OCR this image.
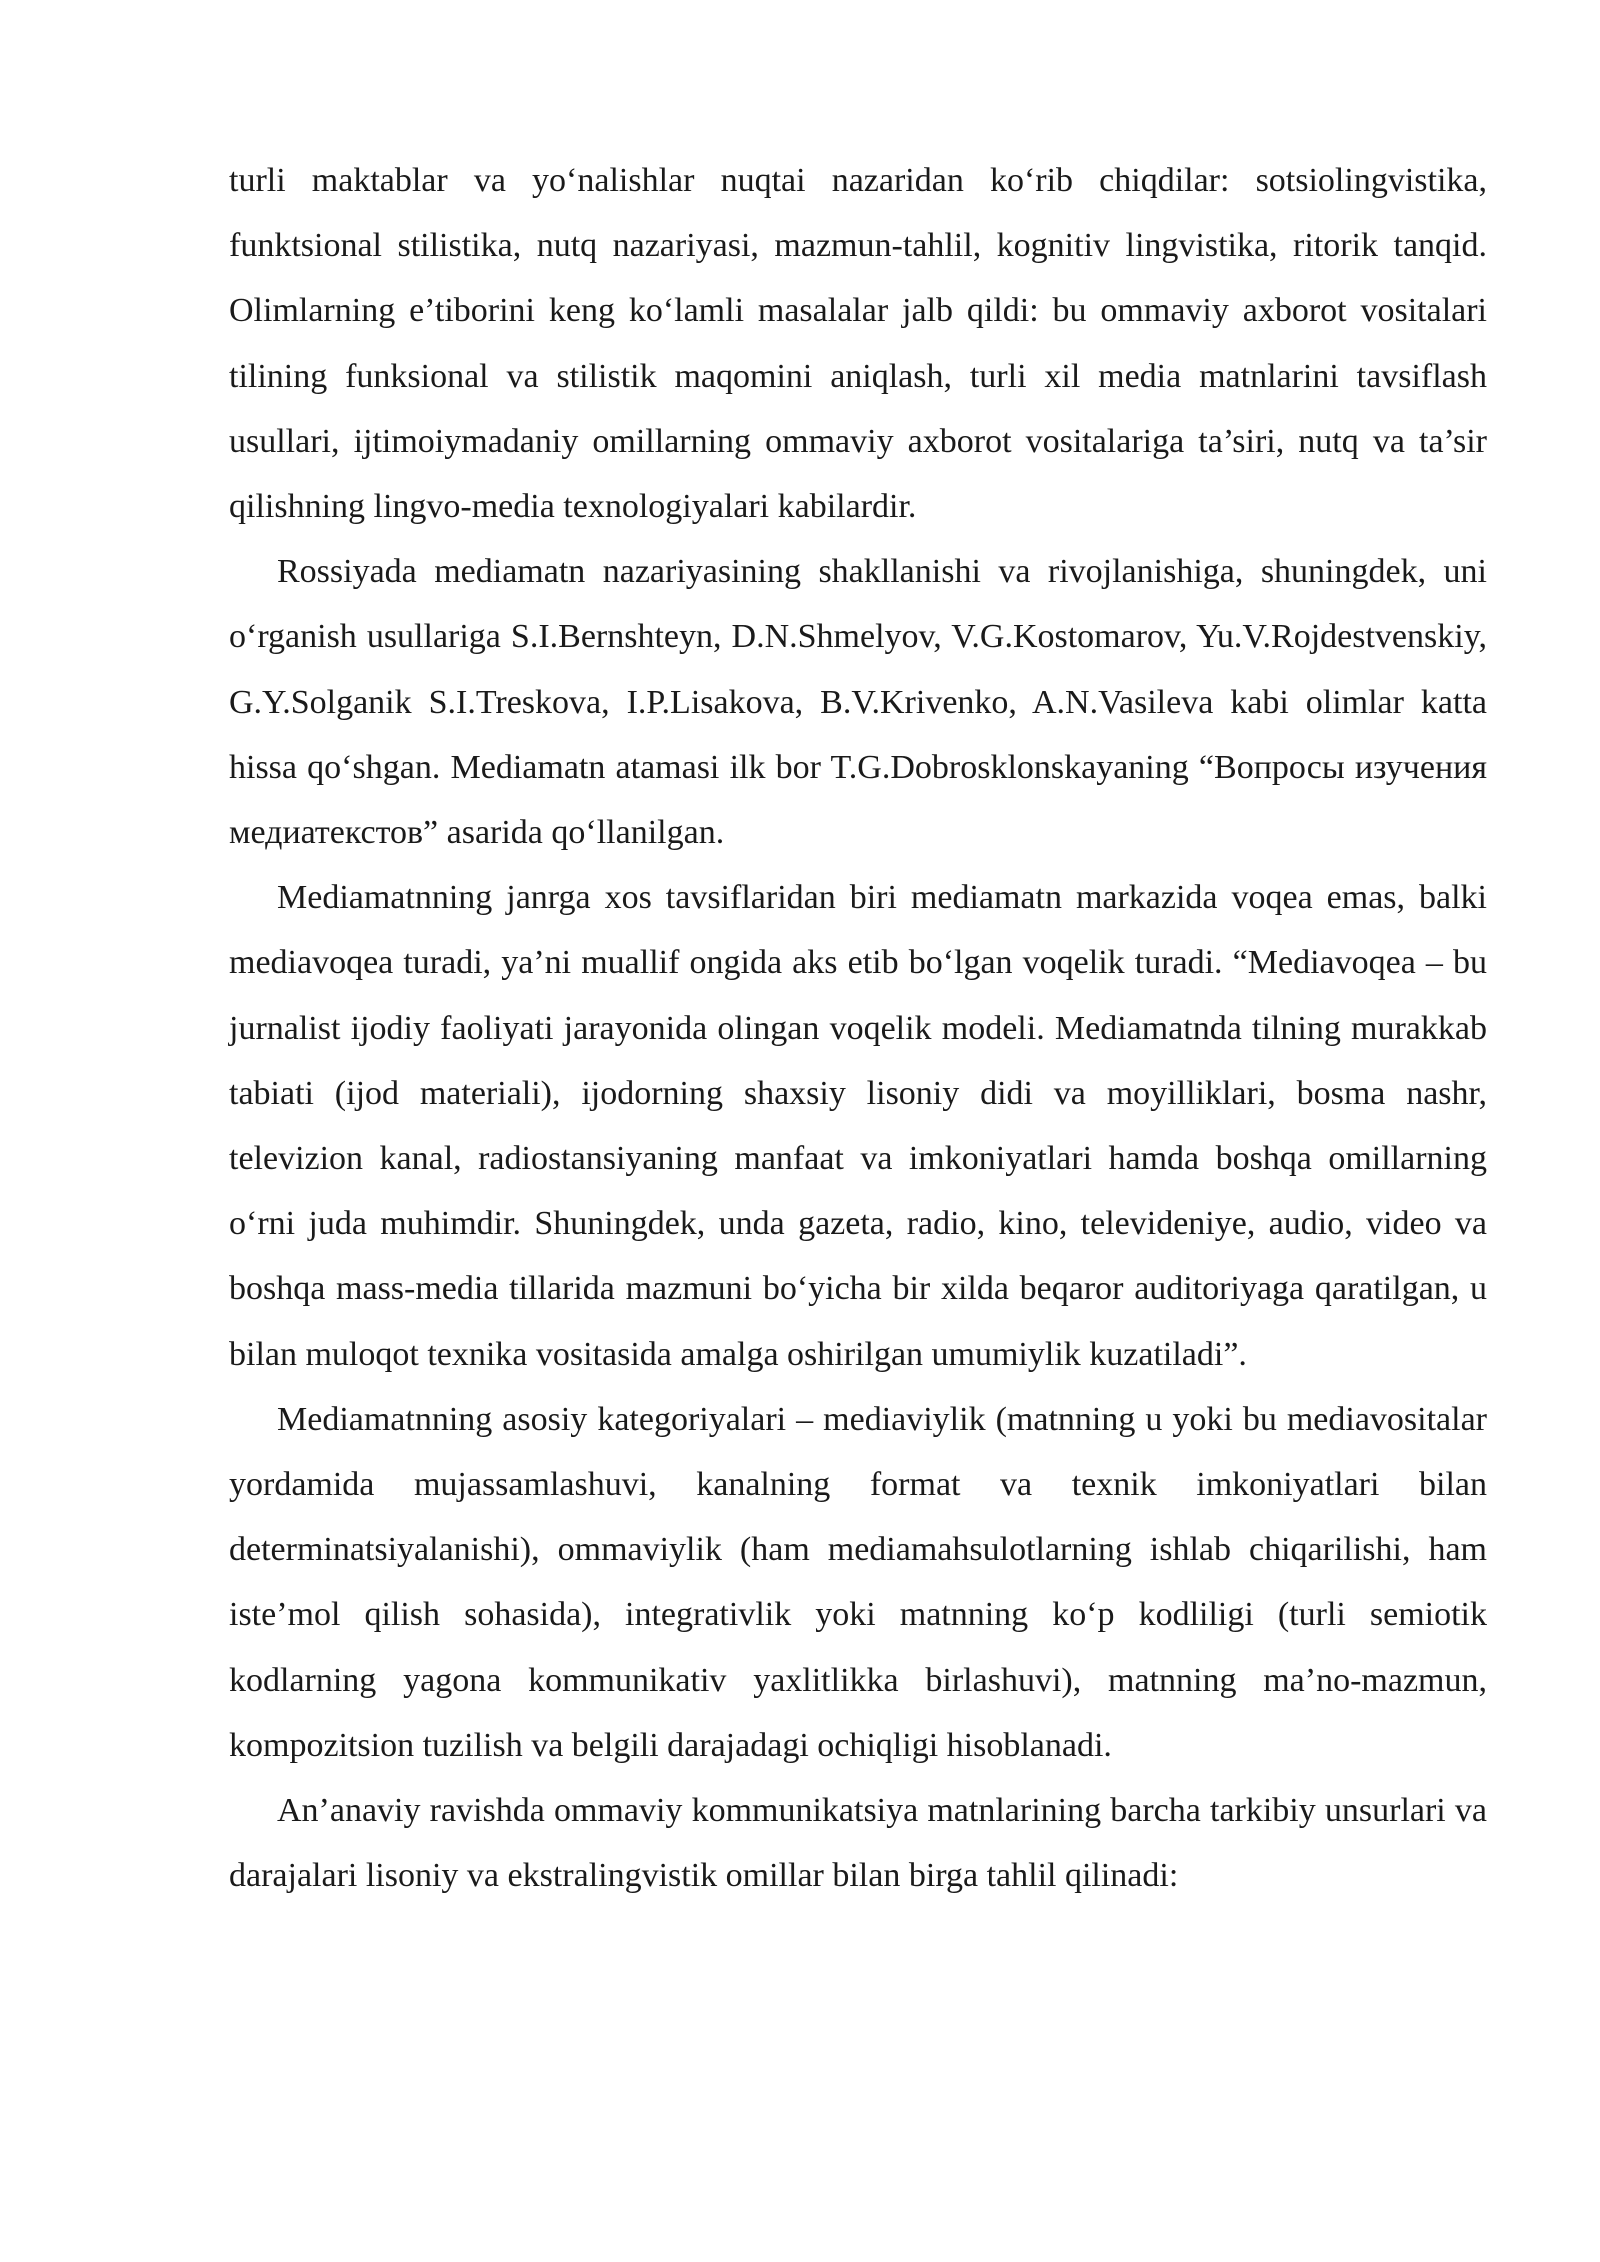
turli maktablar va yo‘nalishlar nuqtai nazaridan ko‘rib chiqdilar: sotsiolingvistika, funktsional stilistika, nutq nazariyasi, mazmun-tahlil, kognitiv lingvistika, ritorik tanqid. Olimlarning e’tiborini keng ko‘lamli masalalar jalb qildi: bu ommaviy axborot vositalari tilining funksional va stilistik maqomini aniqlash, turli xil media matnlarini tavsiflash usullari, ijtimoiymadaniy omillarning ommaviy axborot vositalariga ta’siri, nutq va ta’sir qilishning lingvo-media texnologiyalari kabilardir.

Rossiyada mediamatn nazariyasining shakllanishi va rivojlanishiga, shuningdek, uni o‘rganish usullariga S.I.Bernshteyn, D.N.Shmelyov, V.G.Kostomarov, Yu.V.Rojdestvenskiy, G.Y.Solganik S.I.Treskova, I.P.Lisakova, B.V.Krivenko, A.N.Vasileva kabi olimlar katta hissa qo‘shgan. Mediamatn atamasi ilk bor T.G.Dobrosklonskayaning “Вопросы изучения медиатекстов” asarida qo‘llanilgan.

Mediamatnning janrga xos tavsiflaridan biri mediamatn markazida voqea emas, balki mediavoqea turadi, ya’ni muallif ongida aks etib bo‘lgan voqelik turadi. “Mediavoqea – bu jurnalist ijodiy faoliyati jarayonida olingan voqelik modeli. Mediamatnda tilning murakkab tabiati (ijod materiali), ijodorning shaxsiy lisoniy didi va moyilliklari, bosma nashr, televizion kanal, radiostansiyaning manfaat va imkoniyatlari hamda boshqa omillarning o‘rni juda muhimdir. Shuningdek, unda gazeta, radio, kino, televideniye, audio, video va boshqa mass-media tillarida mazmuni bo‘yicha bir xilda beqaror auditoriyaga qaratilgan, u bilan muloqot texnika vositasida amalga oshirilgan umumiylik kuzatiladi”.

Mediamatnning asosiy kategoriyalari – mediaviylik (matnning u yoki bu mediavositalar yordamida mujassamlashuvi, kanalning format va texnik imkoniyatlari bilan determinatsiyalanishi), ommaviylik (ham mediamahsulotlarning ishlab chiqarilishi, ham iste’mol qilish sohasida), integrativlik yoki matnning ko‘p kodliligi (turli semiotik kodlarning yagona kommunikativ yaxlitlikka birlashuvi), matnning ma’no-mazmun, kompozitsion tuzilish va belgili darajadagi ochiqligi hisoblanadi.

An’anaviy ravishda ommaviy kommunikatsiya matnlarining barcha tarkibiy unsurlari va darajalari lisoniy va ekstralingvistik omillar bilan birga tahlil qilinadi:
